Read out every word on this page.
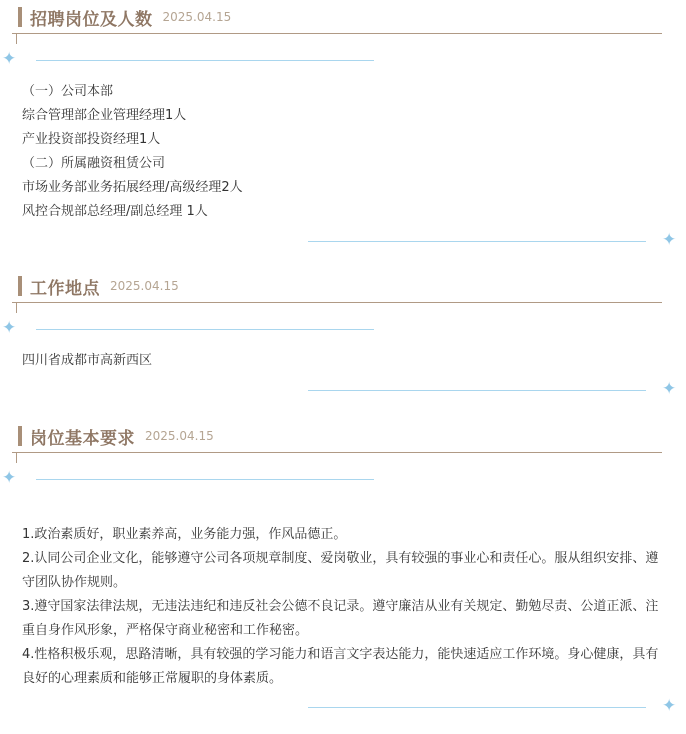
招聘岗位及人数 2025.04.15
✦

（一）公司本部

综合管理部企业管理经理1人

产业投资部投资经理1人

（二）所属融资租赁公司

市场业务部业务拓展经理/高级经理2人

风控合规部总经理/副总经理 1人

✦
工作地点 2025.04.15
✦

四川省成都市高新西区

✦
岗位基本要求 2025.04.15
✦

1.政治素质好，职业素养高，业务能力强，作风品德正。

2.认同公司企业文化，能够遵守公司各项规章制度、爱岗敬业，具有较强的事业心和责任心。服从组织安排、遵守团队协作规则。

3.遵守国家法律法规，无违法违纪和违反社会公德不良记录。遵守廉洁从业有关规定、勤勉尽责、公道正派、注重自身作风形象，严格保守商业秘密和工作秘密。

4.性格积极乐观，思路清晰，具有较强的学习能力和语言文字表达能力，能快速适应工作环境。身心健康，具有良好的心理素质和能够正常履职的身体素质。

✦
